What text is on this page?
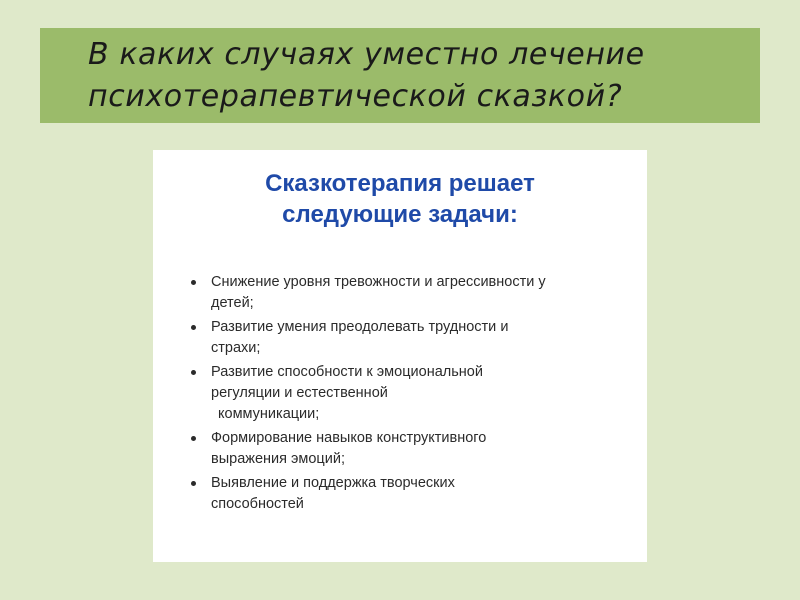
В каких случаях уместно лечение
психотерапевтической сказкой?
Сказкотерапия решает
следующие задачи:
Снижение уровня тревожности и агрессивности у
детей;
Развитие умения преодолевать трудности и
страхи;
Развитие способности к эмоциональной
регуляции и естественной
коммуникации;
Формирование навыков конструктивного
выражения эмоций;
Выявление и поддержка творческих
способностей
